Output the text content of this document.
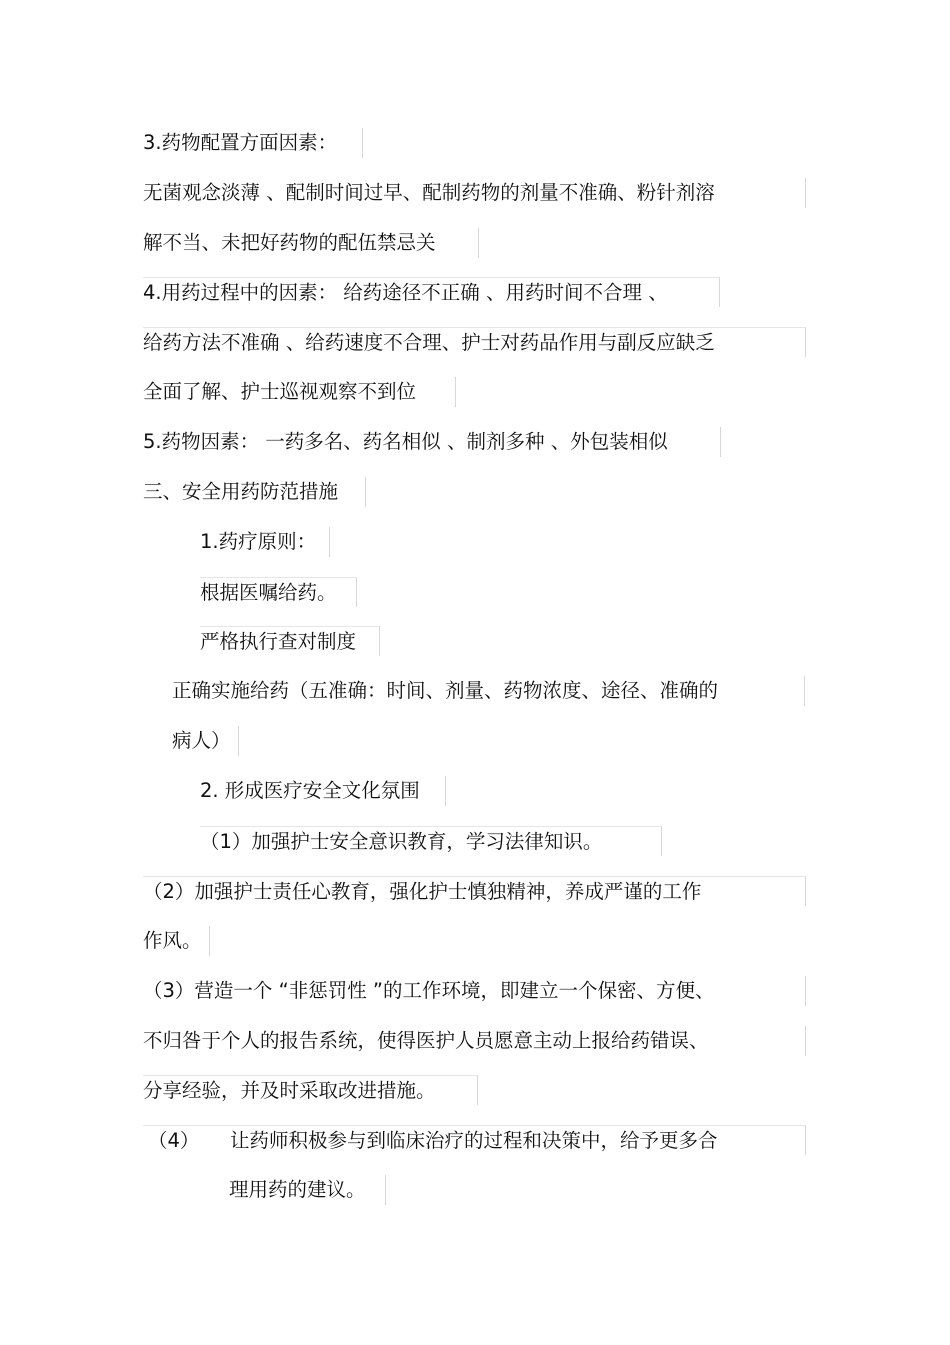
3.药物配置方面因素：
无菌观念淡薄 、配制时间过早、配制药物的剂量不准确、粉针剂溶
解不当、未把好药物的配伍禁忌关
4.用药过程中的因素： 给药途径不正确 、用药时间不合理 、
给药方法不准确 、给药速度不合理、护士对药品作用与副反应缺乏
全面了解、护士巡视观察不到位
5.药物因素： 一药多名、药名相似 、制剂多种 、外包装相似
三、安全用药防范措施
1.药疗原则：
根据医嘱给药。
严格执行查对制度
正确实施给药（五准确：时间、剂量、药物浓度、途径、准确的
病人）
2. 形成医疗安全文化氛围
（1）加强护士安全意识教育，学习法律知识。
（2）加强护士责任心教育，强化护士慎独精神，养成严谨的工作
作风。
（3）营造一个 “非惩罚性 ”的工作环境，即建立一个保密、方便、
不归咎于个人的报告系统，使得医护人员愿意主动上报给药错误、
分享经验，并及时采取改进措施。
（4） 让药师积极参与到临床治疗的过程和决策中，给予更多合
理用药的建议。
